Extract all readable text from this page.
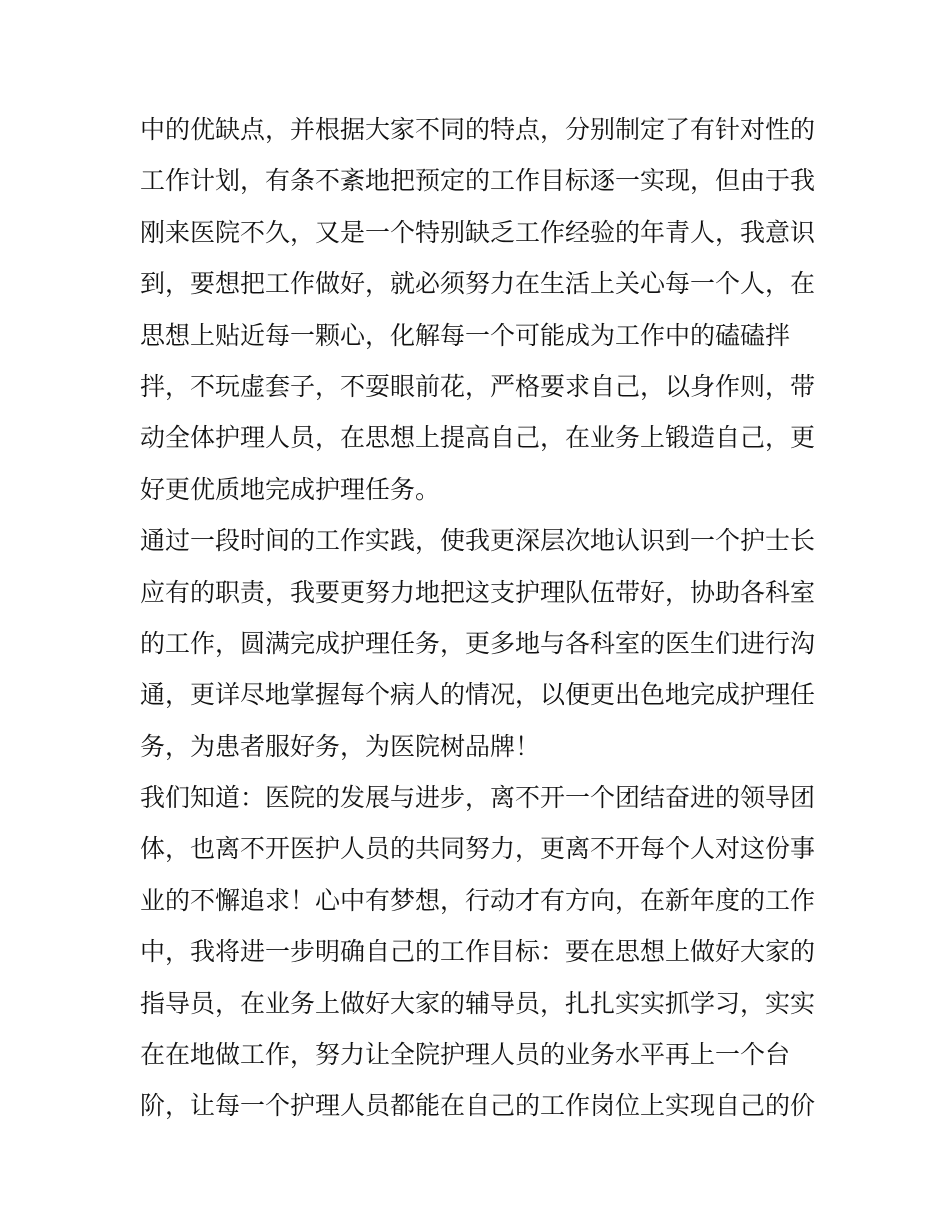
中的优缺点，并根据大家不同的特点，分别制定了有针对性的
工作计划，有条不紊地把预定的工作目标逐一实现，但由于我
刚来医院不久，又是一个特别缺乏工作经验的年青人，我意识
到，要想把工作做好，就必须努力在生活上关心每一个人，在
思想上贴近每一颗心，化解每一个可能成为工作中的磕磕拌
拌，不玩虚套子，不耍眼前花，严格要求自己，以身作则，带
动全体护理人员，在思想上提高自己，在业务上锻造自己，更
好更优质地完成护理任务。
通过一段时间的工作实践，使我更深层次地认识到一个护士长
应有的职责，我要更努力地把这支护理队伍带好，协助各科室
的工作，圆满完成护理任务，更多地与各科室的医生们进行沟
通，更详尽地掌握每个病人的情况，以便更出色地完成护理任
务，为患者服好务，为医院树品牌！
我们知道：医院的发展与进步，离不开一个团结奋进的领导团
体，也离不开医护人员的共同努力，更离不开每个人对这份事
业的不懈追求！心中有梦想，行动才有方向，在新年度的工作
中，我将进一步明确自己的工作目标：要在思想上做好大家的
指导员，在业务上做好大家的辅导员，扎扎实实抓学习，实实
在在地做工作，努力让全院护理人员的业务水平再上一个台
阶，让每一个护理人员都能在自己的工作岗位上实现自己的价
